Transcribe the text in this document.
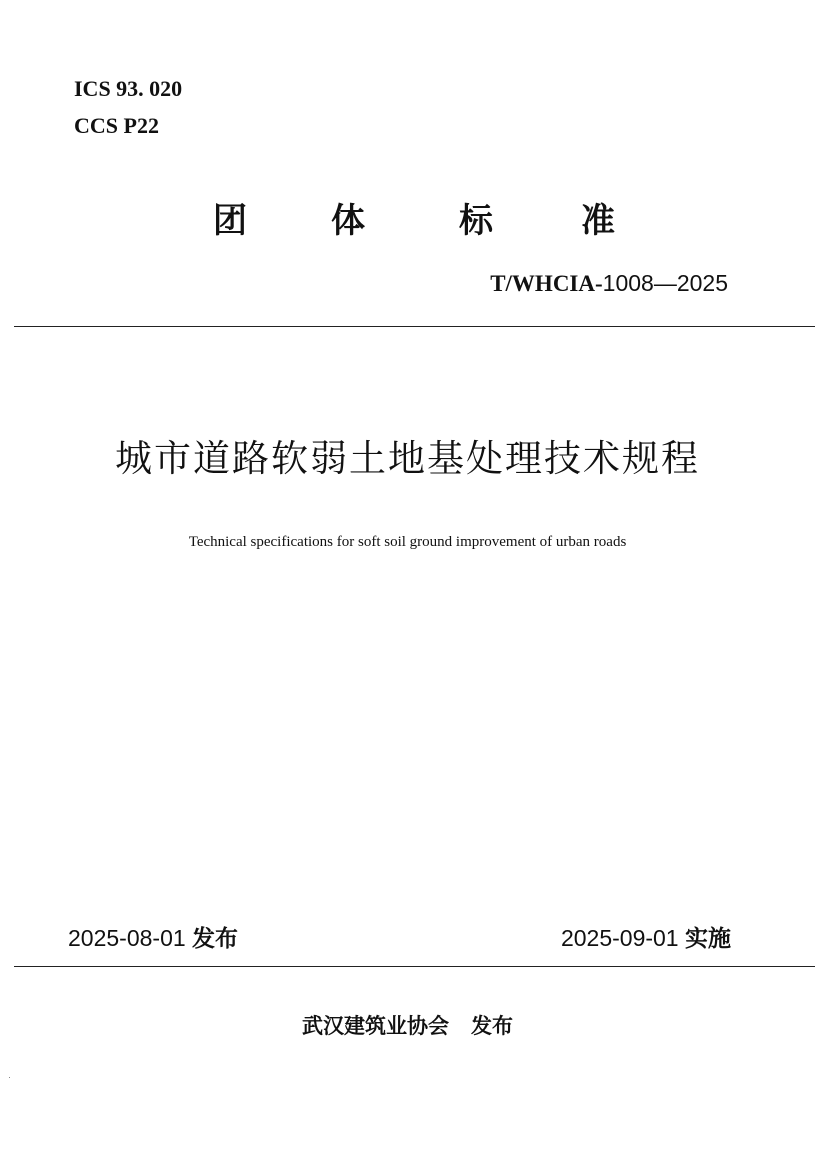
ICS 93. 020
CCS P22
团 体	标	准
T/WHCIA-1008—2025
城市道路软弱土地基处理技术规程
Technical specifications for soft soil ground improvement of urban roads
2025-08-01 发布	2025-09-01 实施
武汉建筑业协会 发布
